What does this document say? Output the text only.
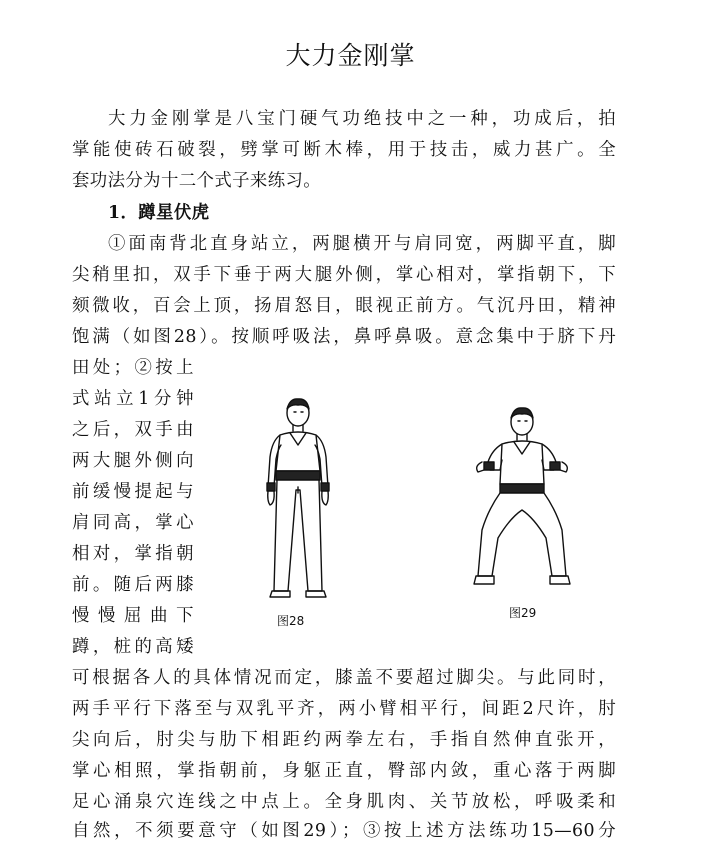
大力金刚掌
大力金刚掌是八宝门硬气功绝技中之一种，功成后，拍
掌能使砖石破裂，劈掌可断木棒，用于技击，威力甚广。全
套功法分为十二个式子来练习。
1．蹲星伏虎
①面南背北直身站立，两腿横开与肩同宽，两脚平直，脚
尖稍里扣，双手下垂于两大腿外侧，掌心相对，掌指朝下，下
颏微收，百会上顶，扬眉怒目，眼视正前方。气沉丹田，精神
饱满（如图28）。按顺呼吸法，鼻呼鼻吸。意念集中于脐下丹
田处；②按上
式站立1分钟
之后，双手由
两大腿外侧向
前缓慢提起与
肩同高，掌心
相对，掌指朝
前。随后两膝
慢慢屈曲下
蹲，桩的高矮
图28
图29
可根据各人的具体情况而定，膝盖不要超过脚尖。与此同时，
两手平行下落至与双乳平齐，两小臂相平行，间距2尺许，肘
尖向后，肘尖与肋下相距约两拳左右，手指自然伸直张开，
掌心相照，掌指朝前，身躯正直，臀部内敛，重心落于两脚
足心涌泉穴连线之中点上。全身肌肉、关节放松，呼吸柔和
自然，不须要意守（如图29）；③按上述方法练功15—60分
